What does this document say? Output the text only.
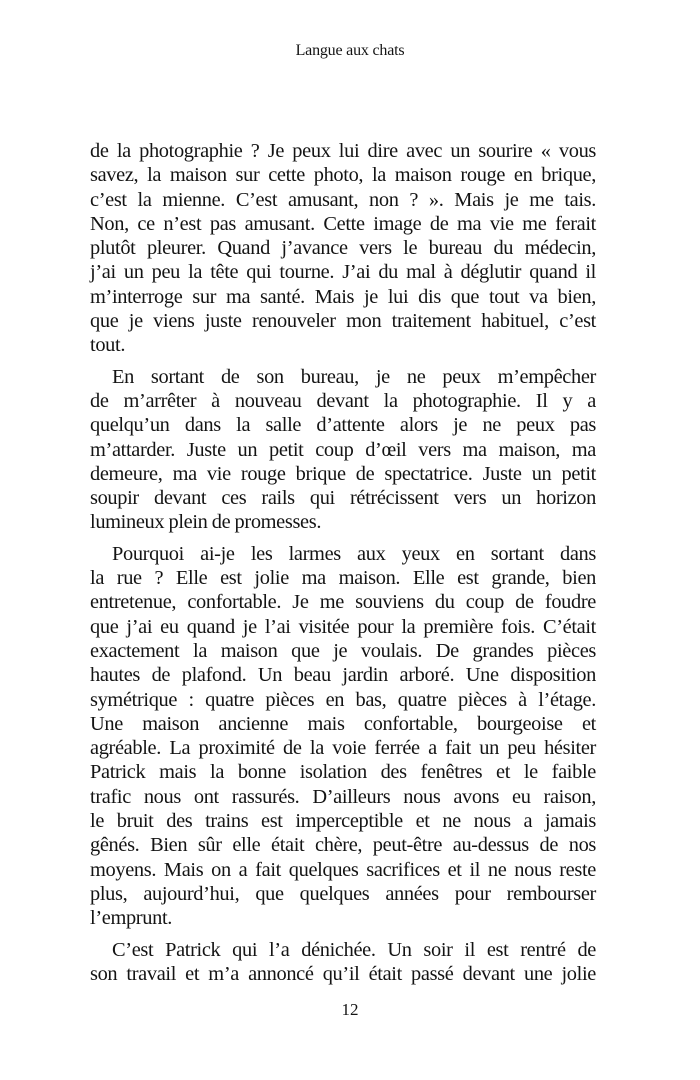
Langue aux chats

de la photographie ? Je peux lui dire avec un sourire « vous
savez, la maison sur cette photo, la maison rouge en brique,
c’est la mienne. C’est amusant, non ? ». Mais je me tais.
Non, ce n’est pas amusant. Cette image de ma vie me ferait
plutôt pleurer. Quand j’avance vers le bureau du médecin,
j’ai un peu la tête qui tourne. J’ai du mal à déglutir quand il
m’interroge sur ma santé. Mais je lui dis que tout va bien,
que je viens juste renouveler mon traitement habituel, c’est
tout.

En sortant de son bureau, je ne peux m’empêcher
de m’arrêter à nouveau devant la photographie. Il y a
quelqu’un dans la salle d’attente alors je ne peux pas
m’attarder. Juste un petit coup d’œil vers ma maison, ma
demeure, ma vie rouge brique de spectatrice. Juste un petit
soupir devant ces rails qui rétrécissent vers un horizon
lumineux plein de promesses.

Pourquoi ai-je les larmes aux yeux en sortant dans
la rue ? Elle est jolie ma maison. Elle est grande, bien
entretenue, confortable. Je me souviens du coup de foudre
que j’ai eu quand je l’ai visitée pour la première fois. C’était
exactement la maison que je voulais. De grandes pièces
hautes de plafond. Un beau jardin arboré. Une disposition
symétrique : quatre pièces en bas, quatre pièces à l’étage.
Une maison ancienne mais confortable, bourgeoise et
agréable. La proximité de la voie ferrée a fait un peu hésiter
Patrick mais la bonne isolation des fenêtres et le faible
trafic nous ont rassurés. D’ailleurs nous avons eu raison,
le bruit des trains est imperceptible et ne nous a jamais
gênés. Bien sûr elle était chère, peut-être au-dessus de nos
moyens. Mais on a fait quelques sacrifices et il ne nous reste
plus, aujourd’hui, que quelques années pour rembourser
l’emprunt.

C’est Patrick qui l’a dénichée. Un soir il est rentré de
son travail et m’a annoncé qu’il était passé devant une jolie

12
